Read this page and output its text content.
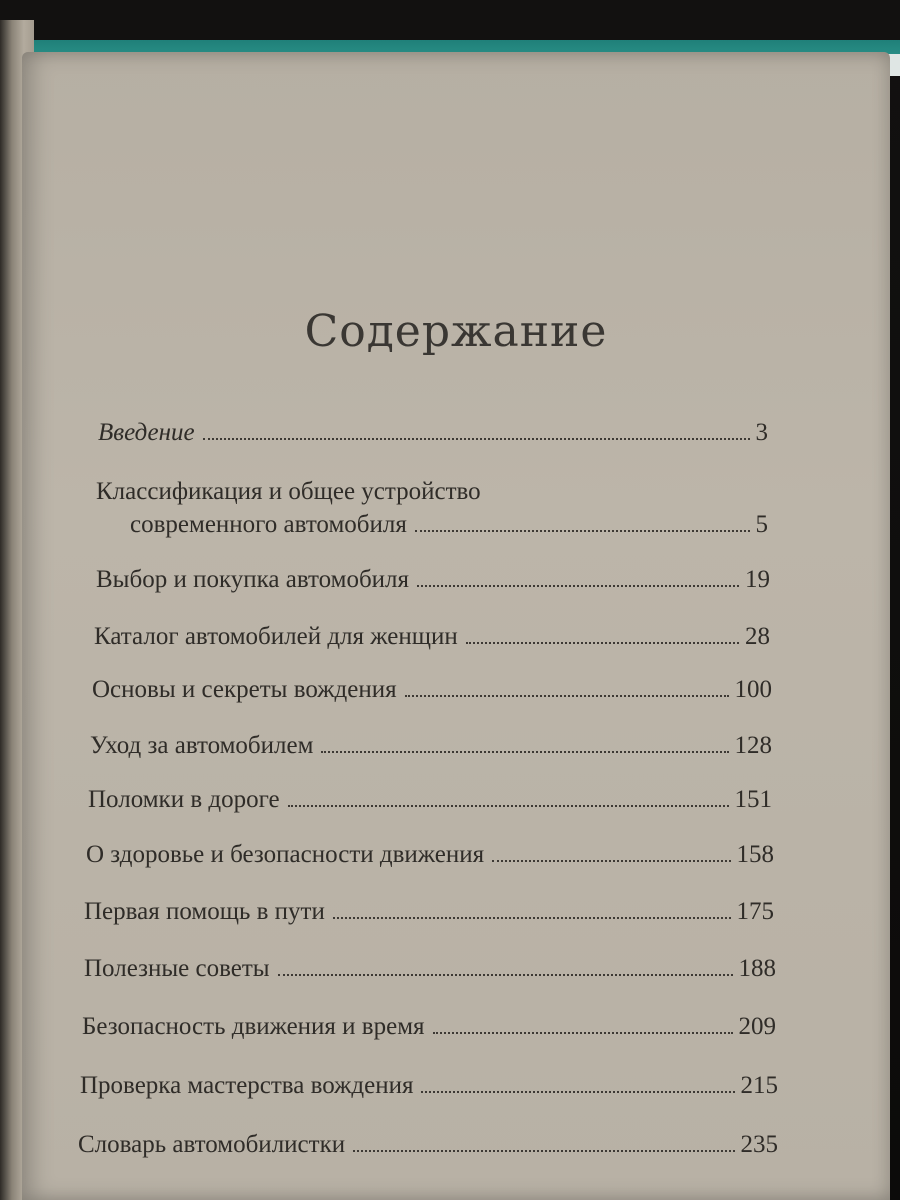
Содержание
Введение	3
Классификация и общее устройство
современного автомобиля	5
Выбор и покупка автомобиля	19
Каталог автомобилей для женщин	28
Основы и секреты вождения	100
Уход за автомобилем	128
Поломки в дороге	151
О здоровье и безопасности движения	158
Первая помощь в пути	175
Полезные советы	188
Безопасность движения и время	209
Проверка мастерства вождения	215
Словарь автомобилистки	235
